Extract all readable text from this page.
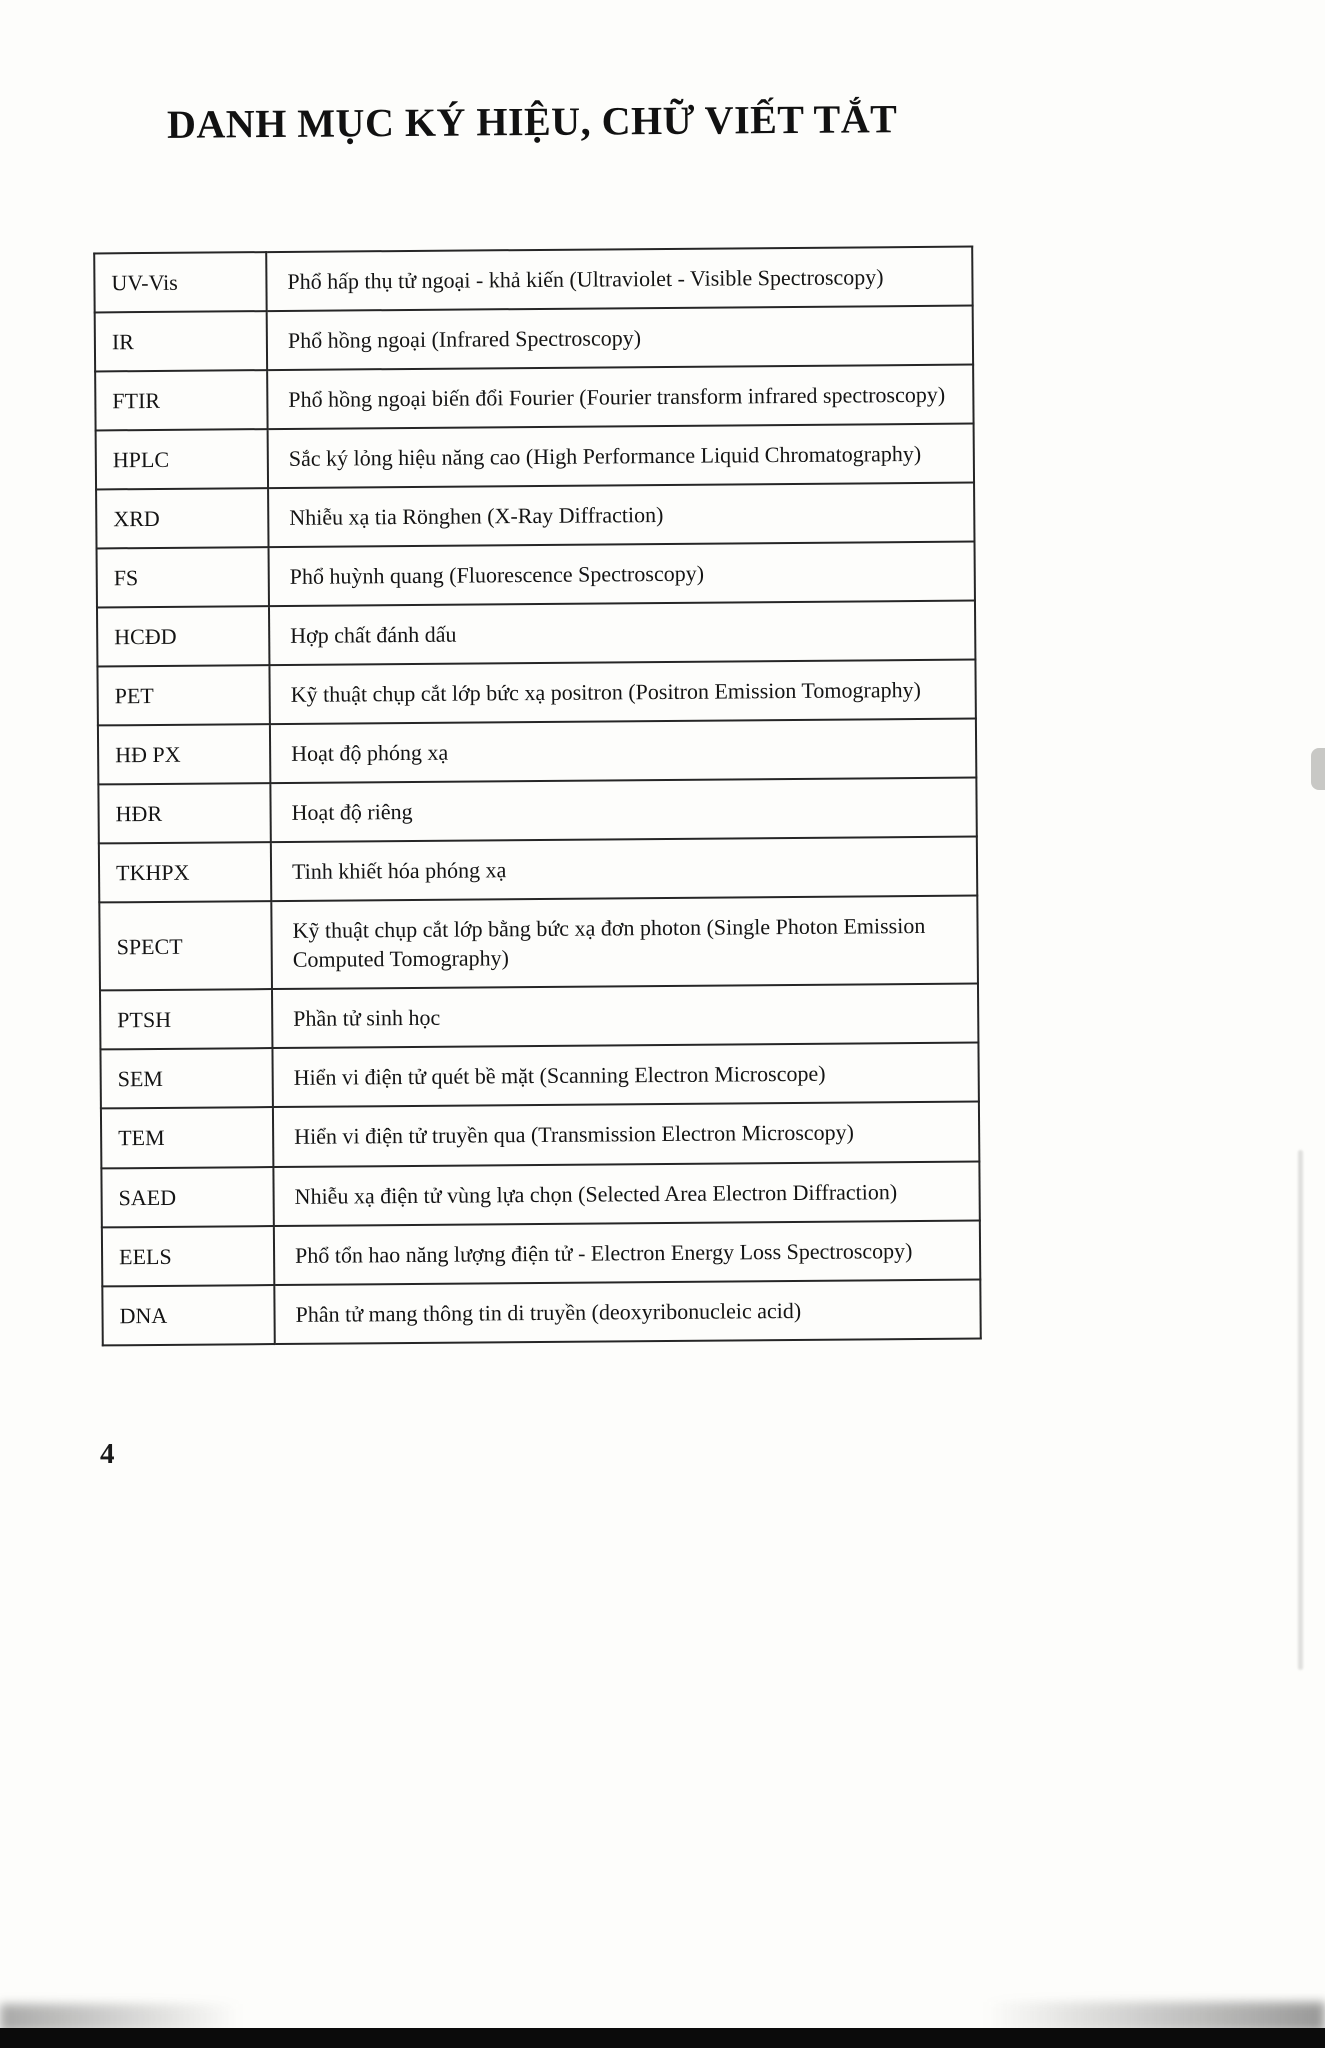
DANH MỤC KÝ HIỆU, CHỮ VIẾT TẮT
UV-Vis	Phổ hấp thụ tử ngoại - khả kiến (Ultraviolet - Visible Spectroscopy)
IR	Phổ hồng ngoại (Infrared Spectroscopy)
FTIR	Phổ hồng ngoại biến đổi Fourier (Fourier transform infrared spectroscopy)
HPLC	Sắc ký lỏng hiệu năng cao (High Performance Liquid Chromatography)
XRD	Nhiễu xạ tia Rönghen (X-Ray Diffraction)
FS	Phổ huỳnh quang (Fluorescence Spectroscopy)
HCĐD	Hợp chất đánh dấu
PET	Kỹ thuật chụp cắt lớp bức xạ positron (Positron Emission Tomography)
HĐ PX	Hoạt độ phóng xạ
HĐR	Hoạt độ riêng
TKHPX	Tinh khiết hóa phóng xạ
SPECT	Kỹ thuật chụp cắt lớp bằng bức xạ đơn photon (Single Photon Emission Computed Tomography)
PTSH	Phần tử sinh học
SEM	Hiển vi điện tử quét bề mặt (Scanning Electron Microscope)
TEM	Hiển vi điện tử truyền qua (Transmission Electron Microscopy)
SAED	Nhiễu xạ điện tử vùng lựa chọn (Selected Area Electron Diffraction)
EELS	Phổ tổn hao năng lượng điện tử - Electron Energy Loss Spectroscopy)
DNA	Phân tử mang thông tin di truyền (deoxyribonucleic acid)
4
